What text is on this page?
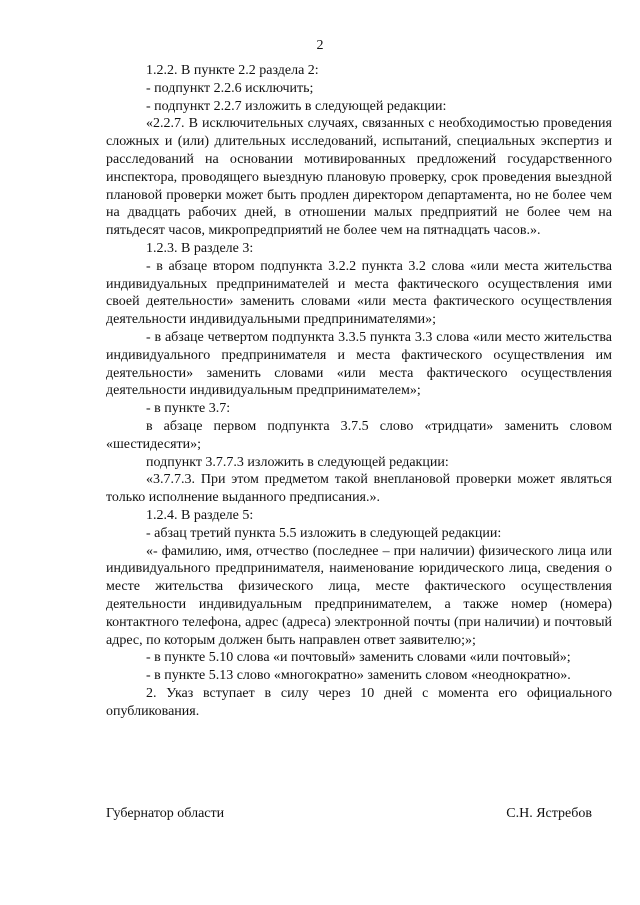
2

1.2.2. В пункте 2.2 раздела 2:

- подпункт 2.2.6 исключить;

- подпункт 2.2.7 изложить в следующей редакции:

«2.2.7. В исключительных случаях, связанных с необходимостью проведения сложных и (или) длительных исследований, испытаний, специальных экспертиз и расследований на основании мотивированных предложений государственного инспектора, проводящего выездную плановую проверку, срок проведения выездной плановой проверки может быть продлен директором департамента, но не более чем на двадцать рабочих дней, в отношении малых предприятий не более чем на пятьдесят часов, микропредприятий не более чем на пятнадцать часов.».

1.2.3. В разделе 3:

- в абзаце втором подпункта 3.2.2 пункта 3.2 слова «или места жительства индивидуальных предпринимателей и места фактического осуществления ими своей деятельности» заменить словами «или места фактического осуществления деятельности индивидуальными предпринимателями»;

- в абзаце четвертом подпункта 3.3.5 пункта 3.3 слова «или место жительства индивидуального предпринимателя и места фактического осуществления им деятельности» заменить словами «или места фактического осуществления деятельности индивидуальным предпринимателем»;

- в пункте 3.7:

в абзаце первом подпункта 3.7.5 слово «тридцати» заменить словом «шестидесяти»;

подпункт 3.7.7.3 изложить в следующей редакции:

«3.7.7.3. При этом предметом такой внеплановой проверки может являться только исполнение выданного предписания.».

1.2.4. В разделе 5:

- абзац третий пункта 5.5 изложить в следующей редакции:

«- фамилию, имя, отчество (последнее – при наличии) физического лица или индивидуального предпринимателя, наименование юридического лица, сведения о месте жительства физического лица, месте фактического осуществления деятельности индивидуальным предпринимателем, а также номер (номера) контактного телефона, адрес (адреса) электронной почты (при наличии) и почтовый адрес, по которым должен быть направлен ответ заявителю;»;

- в пункте 5.10 слова «и почтовый» заменить словами «или почтовый»;

- в пункте 5.13 слово «многократно» заменить словом «неоднократно».

2. Указ вступает в силу через 10 дней с момента его официального опубликования.

Губернатор области	С.Н. Ястребов
